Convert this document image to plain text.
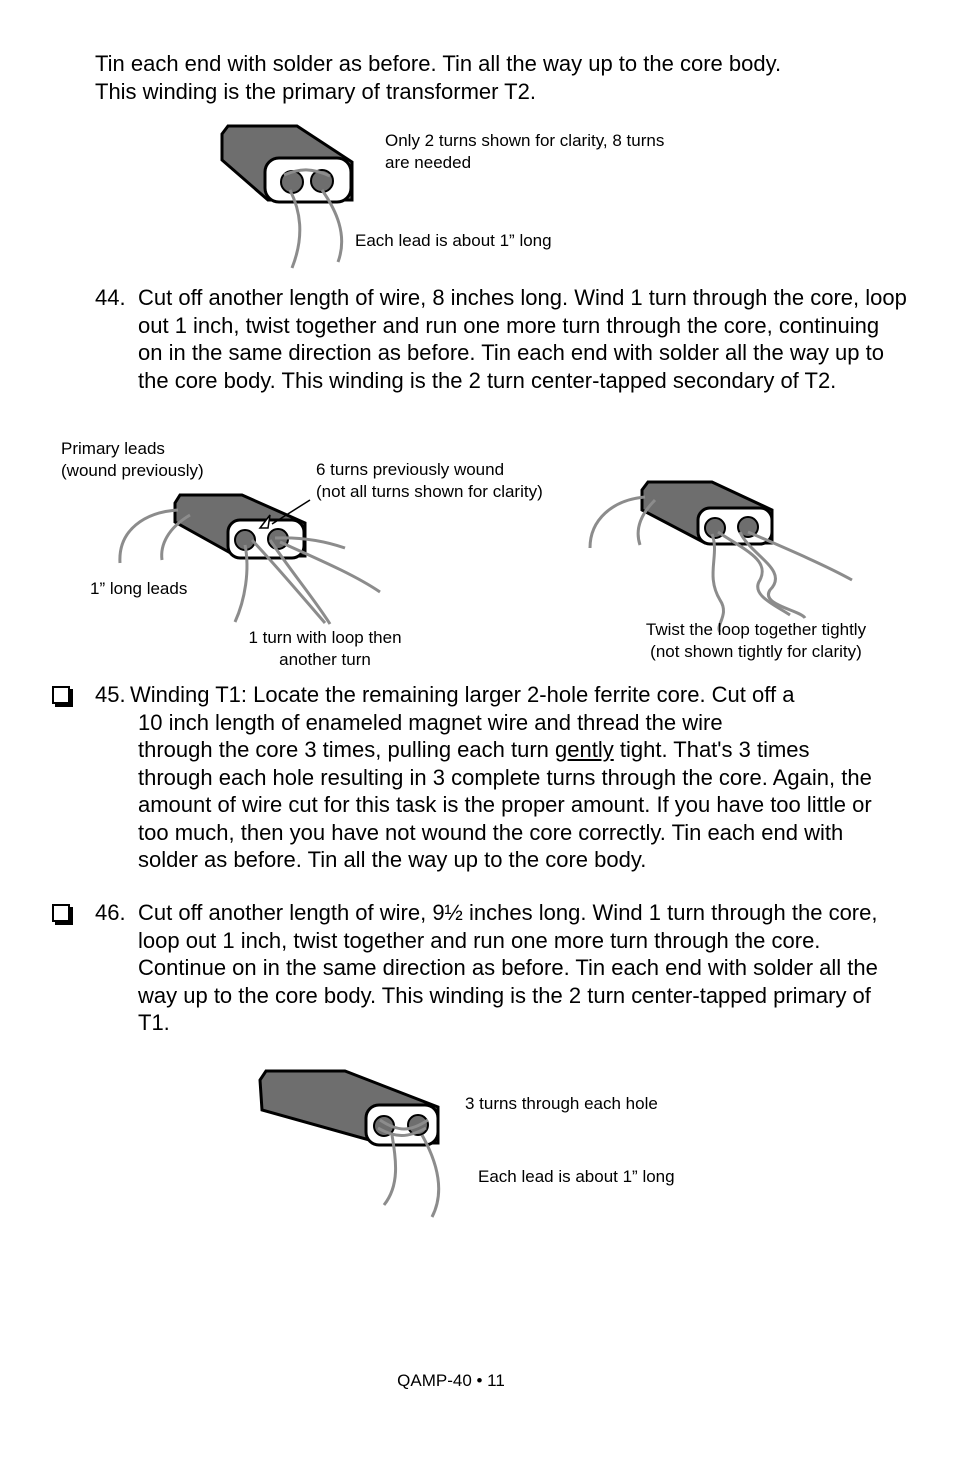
Tin each end with solder as before. Tin all the way up to the core body.
This winding is the primary of transformer T2.
Only 2 turns shown for clarity, 8 turns are needed
Each lead is about 1” long
44. Cut off another length of wire, 8 inches long. Wind 1 turn through the core, loop out 1 inch, twist together and run one more turn through the core, continuing on in the same direction as before. Tin each end with solder all the way up to the core body. This winding is the 2 turn center-tapped secondary of T2.
Primary leads
(wound previously)	6 turns previously wound
(not all turns shown for clarity)
1” long leads
1 turn with loop then
another turn
Twist the loop together tightly
(not shown tightly for clarity)
45. Winding T1: Locate the remaining larger 2-hole ferrite core. Cut off a
10 inch length of enameled magnet wire and thread the wire
through the core 3 times, pulling each turn gently tight. That's 3 times
through each hole resulting in 3 complete turns through the core. Again, the amount of wire cut for this task is the proper amount. If you have too little or too much, then you have not wound the core correctly. Tin each end with solder as before. Tin all the way up to the core body.
46. Cut off another length of wire, 9½ inches long. Wind 1 turn through the core, loop out 1 inch, twist together and run one more turn through the core. Continue on in the same direction as before. Tin each end with solder all the way up to the core body. This winding is the 2 turn center-tapped primary of T1.
3 turns through each hole
Each lead is about 1” long
QAMP-40 • 11
